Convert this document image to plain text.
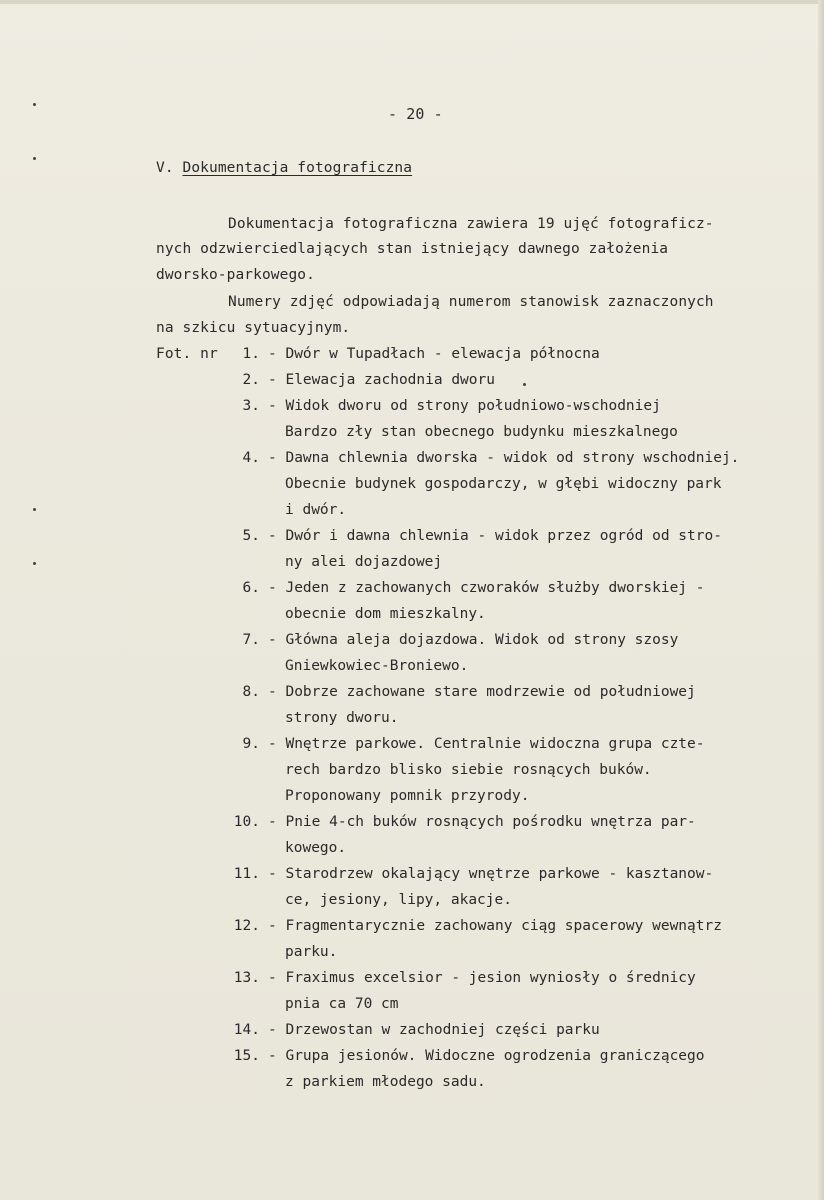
- 20 -
V. Dokumentacja fotograficzna
Dokumentacja fotograficzna zawiera 19 ujęć fotograficz-
nych odzwierciedlających stan istniejący dawnego założenia
dworsko-parkowego.
Numery zdjęć odpowiadają numerom stanowisk zaznaczonych
na szkicu sytuacyjnym.
Fot. nr	1. - Dwór w Tupadłach - elewacja północna
2. - Elewacja zachodnia dworu
3. - Widok dworu od strony południowo-wschodniej
Bardzo zły stan obecnego budynku mieszkalnego
4. - Dawna chlewnia dworska - widok od strony wschodniej.
Obecnie budynek gospodarczy, w głębi widoczny park
i dwór.
5. - Dwór i dawna chlewnia - widok przez ogród od stro-
ny alei dojazdowej
6. - Jeden z zachowanych czworaków służby dworskiej -
obecnie dom mieszkalny.
7. - Główna aleja dojazdowa. Widok od strony szosy
Gniewkowiec-Broniewo.
8. - Dobrze zachowane stare modrzewie od południowej
strony dworu.
9. - Wnętrze parkowe. Centralnie widoczna grupa czte-
rech bardzo blisko siebie rosnących buków.
Proponowany pomnik przyrody.
10. - Pnie 4-ch buków rosnących pośrodku wnętrza par-
kowego.
11. - Starodrzew okalający wnętrze parkowe - kasztanow-
ce, jesiony, lipy, akacje.
12. - Fragmentarycznie zachowany ciąg spacerowy wewnątrz
parku.
13. - Fraximus excelsior - jesion wyniosły o średnicy
pnia ca 70 cm
14. - Drzewostan w zachodniej części parku
15. - Grupa jesionów. Widoczne ogrodzenia graniczącego
z parkiem młodego sadu.
